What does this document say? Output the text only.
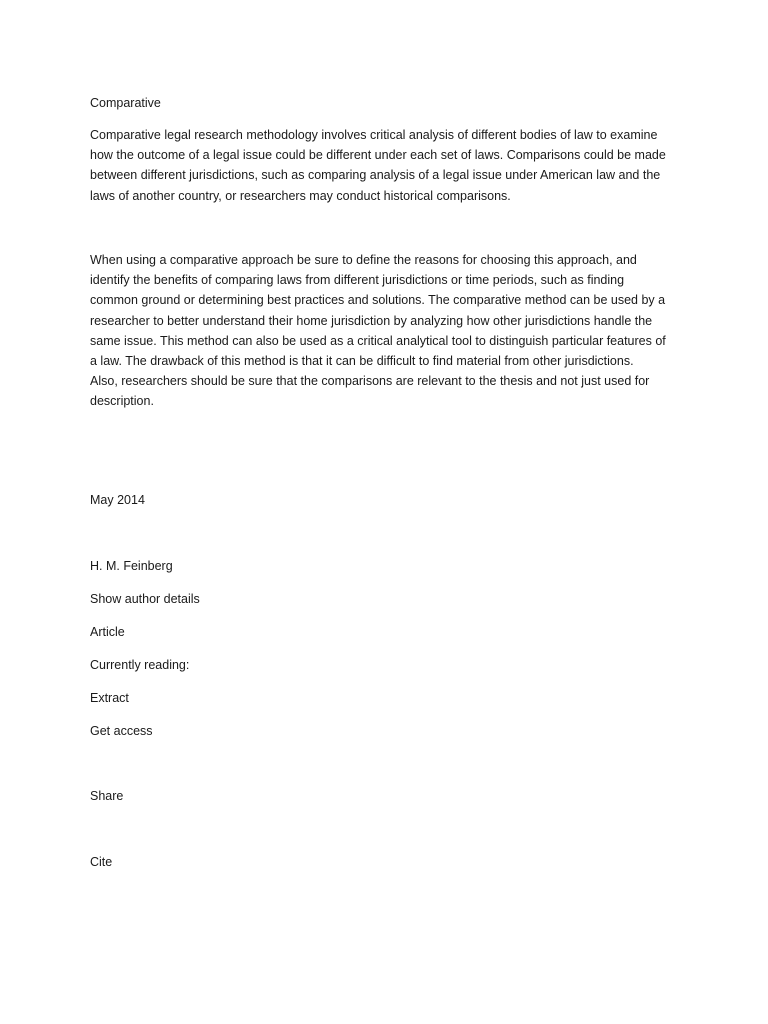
Comparative

Comparative legal research methodology involves critical analysis of different bodies of law to examine
how the outcome of a legal issue could be different under each set of laws. Comparisons could be made
between different jurisdictions, such as comparing analysis of a legal issue under American law and the
laws of another country, or researchers may conduct historical comparisons.

When using a comparative approach be sure to define the reasons for choosing this approach, and
identify the benefits of comparing laws from different jurisdictions or time periods, such as finding
common ground or determining best practices and solutions. The comparative method can be used by a
researcher to better understand their home jurisdiction by analyzing how other jurisdictions handle the
same issue. This method can also be used as a critical analytical tool to distinguish particular features of
a law. The drawback of this method is that it can be difficult to find material from other jurisdictions.
Also, researchers should be sure that the comparisons are relevant to the thesis and not just used for
description.

May 2014

H. M. Feinberg

Show author details

Article

Currently reading:

Extract

Get access

Share

Cite
